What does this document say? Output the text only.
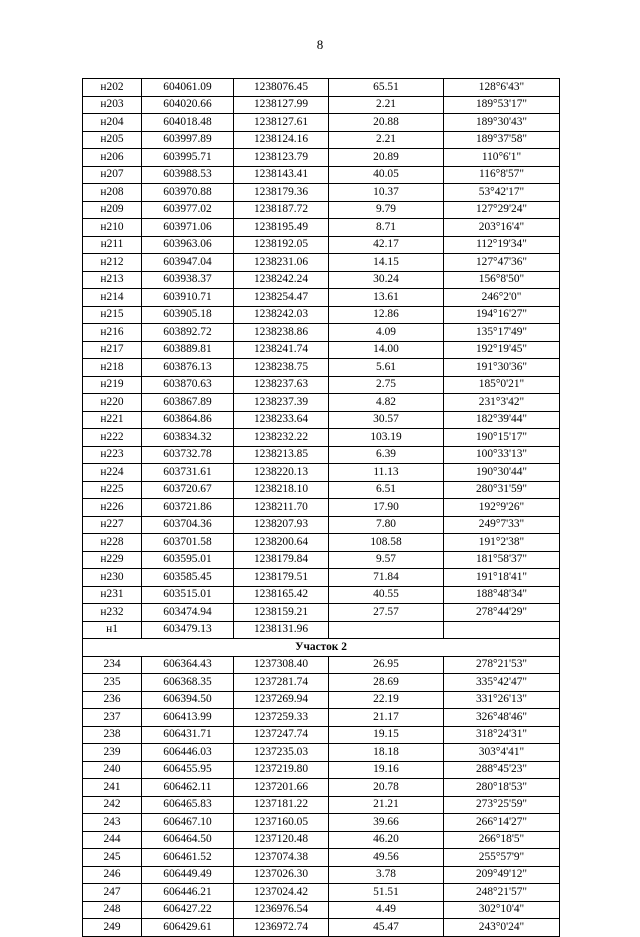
8
н202	604061.09	1238076.45	65.51	128°6'43"
н203	604020.66	1238127.99	2.21	189°53'17"
н204	604018.48	1238127.61	20.88	189°30'43"
н205	603997.89	1238124.16	2.21	189°37'58"
н206	603995.71	1238123.79	20.89	110°6'1"
н207	603988.53	1238143.41	40.05	116°8'57"
н208	603970.88	1238179.36	10.37	53°42'17"
н209	603977.02	1238187.72	9.79	127°29'24"
н210	603971.06	1238195.49	8.71	203°16'4"
н211	603963.06	1238192.05	42.17	112°19'34"
н212	603947.04	1238231.06	14.15	127°47'36"
н213	603938.37	1238242.24	30.24	156°8'50"
н214	603910.71	1238254.47	13.61	246°2'0"
н215	603905.18	1238242.03	12.86	194°16'27"
н216	603892.72	1238238.86	4.09	135°17'49"
н217	603889.81	1238241.74	14.00	192°19'45"
н218	603876.13	1238238.75	5.61	191°30'36"
н219	603870.63	1238237.63	2.75	185°0'21"
н220	603867.89	1238237.39	4.82	231°3'42"
н221	603864.86	1238233.64	30.57	182°39'44"
н222	603834.32	1238232.22	103.19	190°15'17"
н223	603732.78	1238213.85	6.39	100°33'13"
н224	603731.61	1238220.13	11.13	190°30'44"
н225	603720.67	1238218.10	6.51	280°31'59"
н226	603721.86	1238211.70	17.90	192°9'26"
н227	603704.36	1238207.93	7.80	249°7'33"
н228	603701.58	1238200.64	108.58	191°2'38"
н229	603595.01	1238179.84	9.57	181°58'37"
н230	603585.45	1238179.51	71.84	191°18'41"
н231	603515.01	1238165.42	40.55	188°48'34"
н232	603474.94	1238159.21	27.57	278°44'29"
н1	603479.13	1238131.96		
Участок 2				
234	606364.43	1237308.40	26.95	278°21'53"
235	606368.35	1237281.74	28.69	335°42'47"
236	606394.50	1237269.94	22.19	331°26'13"
237	606413.99	1237259.33	21.17	326°48'46"
238	606431.71	1237247.74	19.15	318°24'31"
239	606446.03	1237235.03	18.18	303°4'41"
240	606455.95	1237219.80	19.16	288°45'23"
241	606462.11	1237201.66	20.78	280°18'53"
242	606465.83	1237181.22	21.21	273°25'59"
243	606467.10	1237160.05	39.66	266°14'27"
244	606464.50	1237120.48	46.20	266°18'5"
245	606461.52	1237074.38	49.56	255°57'9"
246	606449.49	1237026.30	3.78	209°49'12"
247	606446.21	1237024.42	51.51	248°21'57"
248	606427.22	1236976.54	4.49	302°10'4"
249	606429.61	1236972.74	45.47	243°0'24"
